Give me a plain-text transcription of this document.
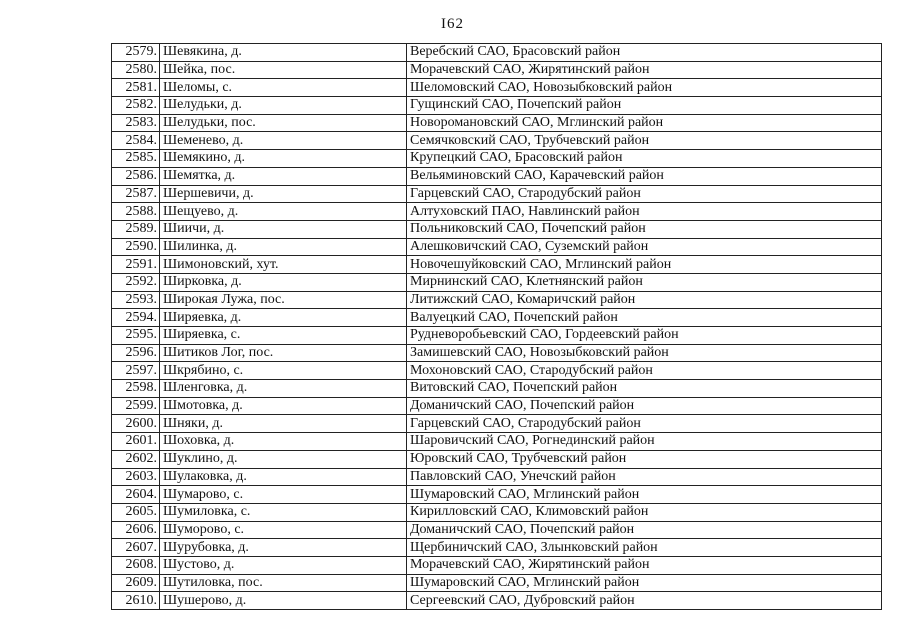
I62
2579.	Шевякина, д.	Веребский САО, Брасовский район
2580.	Шейка, пос.	Морачевский САО, Жирятинский район
2581.	Шеломы, с.	Шеломовский САО, Новозыбковский район
2582.	Шелудьки, д.	Гущинский САО, Почепский район
2583.	Шелудьки, пос.	Новоромановский САО, Мглинский район
2584.	Шеменево, д.	Семячковский САО, Трубчевский район
2585.	Шемякино, д.	Крупецкий САО, Брасовский район
2586.	Шемятка, д.	Вельяминовский САО, Карачевский район
2587.	Шершевичи, д.	Гарцевский САО, Стародубский район
2588.	Шещуево, д.	Алтуховский ПАО, Навлинский район
2589.	Шиичи, д.	Польниковский САО, Почепский район
2590.	Шилинка, д.	Алешковичский САО, Суземский район
2591.	Шимоновский, хут.	Новочешуйковский САО, Мглинский район
2592.	Ширковка, д.	Мирнинский САО, Клетнянский район
2593.	Широкая Лужа, пос.	Литижский САО, Комаричский район
2594.	Ширяевка, д.	Валуецкий САО, Почепский район
2595.	Ширяевка, с.	Рудневоробьевский САО, Гордеевский район
2596.	Шитиков Лог, пос.	Замишевский САО, Новозыбковский район
2597.	Шкрябино, с.	Мохоновский САО, Стародубский район
2598.	Шленговка, д.	Витовский САО, Почепский район
2599.	Шмотовка, д.	Доманичский САО, Почепский район
2600.	Шняки, д.	Гарцевский САО, Стародубский район
2601.	Шоховка, д.	Шаровичский САО, Рогнединский район
2602.	Шуклино, д.	Юровский САО, Трубчевский район
2603.	Шулаковка, д.	Павловский САО, Унечский район
2604.	Шумарово, с.	Шумаровский САО, Мглинский район
2605.	Шумиловка, с.	Кирилловский САО, Климовский район
2606.	Шуморово, с.	Доманичский САО, Почепский район
2607.	Шурубовка, д.	Щербиничский САО, Злынковский район
2608.	Шустово, д.	Морачевский САО, Жирятинский район
2609.	Шутиловка, пос.	Шумаровский САО, Мглинский район
2610.	Шушерово, д.	Сергеевский САО, Дубровский район
